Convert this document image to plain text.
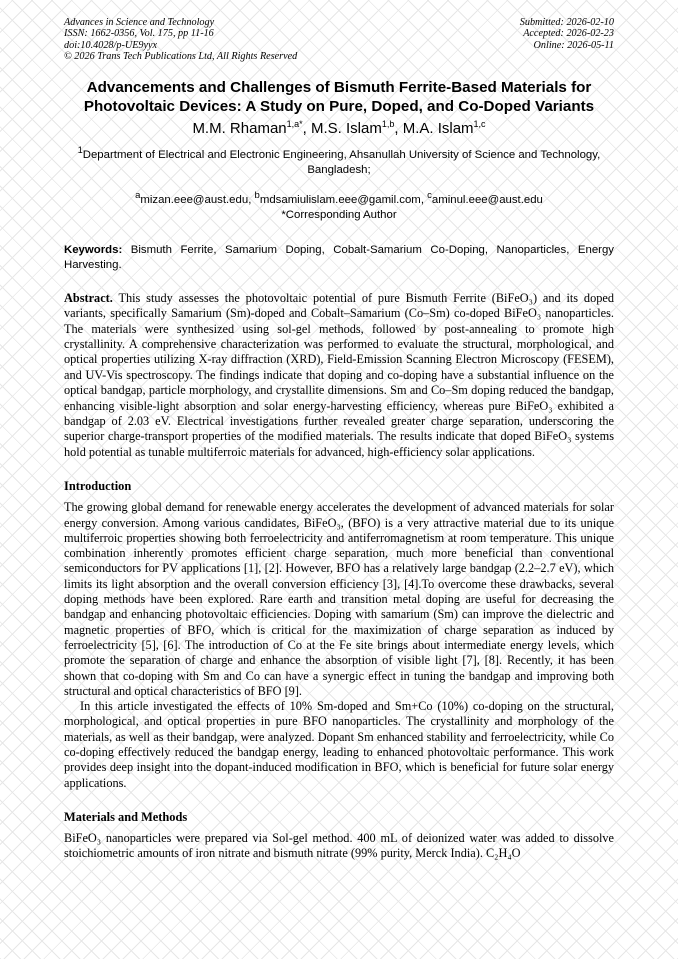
Advances in Science and Technology
ISSN: 1662-0356, Vol. 175, pp 11-16
doi:10.4028/p-UE9yyx
© 2026 Trans Tech Publications Ltd, All Rights Reserved
Submitted: 2026-02-10
Accepted: 2026-02-23
Online: 2026-05-11
Advancements and Challenges of Bismuth Ferrite-Based Materials for Photovoltaic Devices: A Study on Pure, Doped, and Co-Doped Variants
M.M. Rhaman$^{1,a*}$, M.S. Islam$^{1,b}$, M.A. Islam$^{1,c}$
$^1$Department of Electrical and Electronic Engineering, Ahsanullah University of Science and Technology, Bangladesh;
$^a$mizan.eee@aust.edu, $^b$mdsamiulislam.eee@gamil.com, $^c$aminul.eee@aust.edu
*Corresponding Author
Keywords: Bismuth Ferrite, Samarium Doping, Cobalt-Samarium Co-Doping, Nanoparticles, Energy Harvesting.
Abstract. This study assesses the photovoltaic potential of pure Bismuth Ferrite (BiFeO₃) and its doped variants, specifically Samarium (Sm)-doped and Cobalt–Samarium (Co–Sm) co-doped BiFeO₃ nanoparticles. The materials were synthesized using sol-gel methods, followed by post-annealing to promote high crystallinity. A comprehensive characterization was performed to evaluate the structural, morphological, and optical properties utilizing X-ray diffraction (XRD), Field-Emission Scanning Electron Microscopy (FESEM), and UV-Vis spectroscopy. The findings indicate that doping and co-doping have a substantial influence on the optical bandgap, particle morphology, and crystallite dimensions. Sm and Co–Sm doping reduced the bandgap, enhancing visible-light absorption and solar energy-harvesting efficiency, whereas pure BiFeO₃ exhibited a bandgap of 2.03 eV. Electrical investigations further revealed greater charge separation, underscoring the superior charge-transport properties of the modified materials. The results indicate that doped BiFeO₃ systems hold potential as tunable multiferroic materials for advanced, high-efficiency solar applications.
Introduction

The growing global demand for renewable energy accelerates the development of advanced materials for solar energy conversion. Among various candidates, BiFeO₃, (BFO) is a very attractive material due to its unique multiferroic properties showing both ferroelectricity and antiferromagnetism at room temperature. This unique combination inherently promotes efficient charge separation, much more beneficial than conventional semiconductors for PV applications [1], [2]. However, BFO has a relatively large bandgap (2.2–2.7 eV), which limits its light absorption and the overall conversion efficiency [3], [4].To overcome these drawbacks, several doping methods have been explored. Rare earth and transition metal doping are useful for decreasing the bandgap and enhancing photovoltaic efficiencies. Doping with samarium (Sm) can improve the dielectric and magnetic properties of BFO, which is critical for the maximization of charge separation as induced by ferroelectricity [5], [6]. The introduction of Co at the Fe site brings about intermediate energy levels, which promote the separation of charge and enhance the absorption of visible light [7], [8]. Recently, it has been shown that co-doping with Sm and Co can have a synergic effect in tuning the bandgap and improving both structural and optical characteristics of BFO [9].

In this article investigated the effects of 10% Sm-doped and Sm+Co (10%) co-doping on the structural, morphological, and optical properties in pure BFO nanoparticles. The crystallinity and morphology of the materials, as well as their bandgap, were analyzed. Dopant Sm enhanced stability and ferroelectricity, while Co co-doping effectively reduced the bandgap energy, leading to enhanced photovoltaic performance. This work provides deep insight into the dopant-induced modification in BFO, which is beneficial for future solar energy applications.

Materials and Methods

BiFeO₃ nanoparticles were prepared via Sol-gel method. 400 mL of deionized water was added to dissolve stoichiometric amounts of iron nitrate and bismuth nitrate (99% purity, Merck India). C₂H₄O
